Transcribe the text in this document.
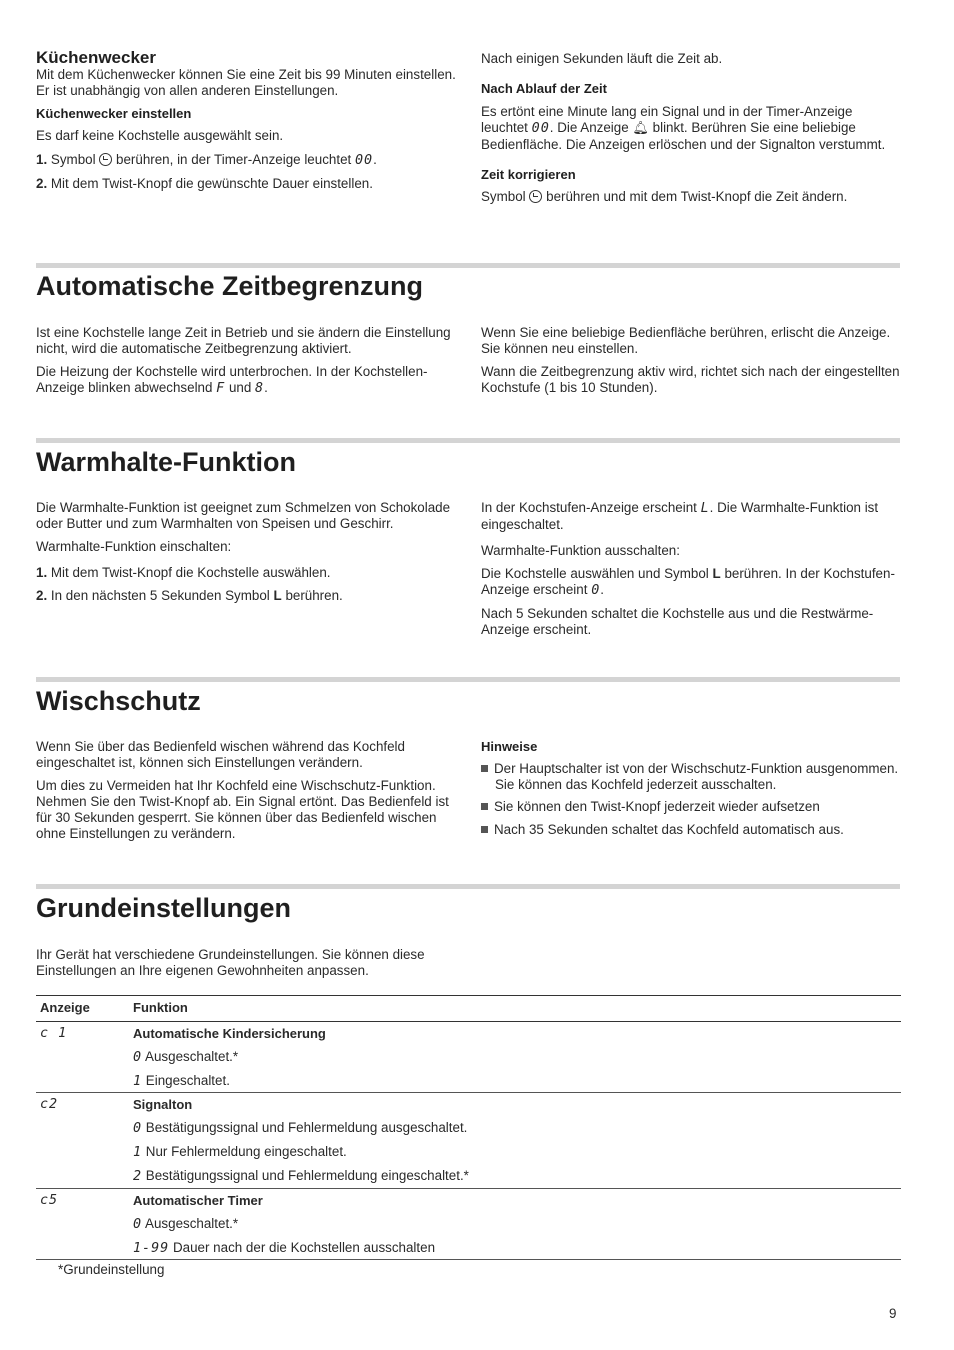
Küchenwecker

Mit dem Küchenwecker können Sie eine Zeit bis 99 Minuten einstellen. Er ist unabhängig von allen anderen Einstellungen.

Küchenwecker einstellen

Es darf keine Kochstelle ausgewählt sein.

1. Symbol berühren, in der Timer-Anzeige leuchtet 00.

2. Mit dem Twist-Knopf die gewünschte Dauer einstellen.

Nach einigen Sekunden läuft die Zeit ab.

Nach Ablauf der Zeit

Es ertönt eine Minute lang ein Signal und in der Timer-Anzeige leuchtet 00. Die Anzeige 🔔︎ blinkt. Berühren Sie eine beliebige Bedienfläche. Die Anzeigen erlöschen und der Signalton verstummt.

Zeit korrigieren

Symbol berühren und mit dem Twist-Knopf die Zeit ändern.

Automatische Zeitbegrenzung

Ist eine Kochstelle lange Zeit in Betrieb und sie ändern die Einstellung nicht, wird die automatische Zeitbegrenzung aktiviert.

Die Heizung der Kochstelle wird unterbrochen. In der Kochstellen-Anzeige blinken abwechselnd F und 8.

Wenn Sie eine beliebige Bedienfläche berühren, erlischt die Anzeige. Sie können neu einstellen.

Wann die Zeitbegrenzung aktiv wird, richtet sich nach der eingestellten Kochstufe (1 bis 10 Stunden).

Warmhalte-Funktion

Die Warmhalte-Funktion ist geeignet zum Schmelzen von Schokolade oder Butter und zum Warmhalten von Speisen und Geschirr.

Warmhalte-Funktion einschalten:

1. Mit dem Twist-Knopf die Kochstelle auswählen.

2. In den nächsten 5 Sekunden Symbol L berühren.

In der Kochstufen-Anzeige erscheint L. Die Warmhalte-Funktion ist eingeschaltet.

Warmhalte-Funktion ausschalten:

Die Kochstelle auswählen und Symbol L berühren. In der Kochstufen-Anzeige erscheint 0.

Nach 5 Sekunden schaltet die Kochstelle aus und die Restwärme-Anzeige erscheint.

Wischschutz

Wenn Sie über das Bedienfeld wischen während das Kochfeld eingeschaltet ist, können sich Einstellungen verändern.

Um dies zu Vermeiden hat Ihr Kochfeld eine Wischschutz-Funktion. Nehmen Sie den Twist-Knopf ab. Ein Signal ertönt. Das Bedienfeld ist für 30 Sekunden gesperrt. Sie können über das Bedienfeld wischen ohne Einstellungen zu verändern.

Hinweise

Der Hauptschalter ist von der Wischschutz-Funktion ausgenommen. Sie können das Kochfeld jederzeit ausschalten.

Sie können den Twist-Knopf jederzeit wieder aufsetzen

Nach 35 Sekunden schaltet das Kochfeld automatisch aus.

Grundeinstellungen
Ihr Gerät hat verschiedene Grundeinstellungen. Sie können diese Einstellungen an Ihre eigenen Gewohnheiten anpassen.
Anzeige	Funktion
c 1	Automatische Kindersicherung
0 Ausgeschaltet.*
1 Eingeschaltet.
c2	Signalton
0 Bestätigungssignal und Fehlermeldung ausgeschaltet.
1 Nur Fehlermeldung eingeschaltet.
2 Bestätigungssignal und Fehlermeldung eingeschaltet.*
c5	Automatischer Timer
0 Ausgeschaltet.*
1-99 Dauer nach der die Kochstellen ausschalten
*Grundeinstellung
9
